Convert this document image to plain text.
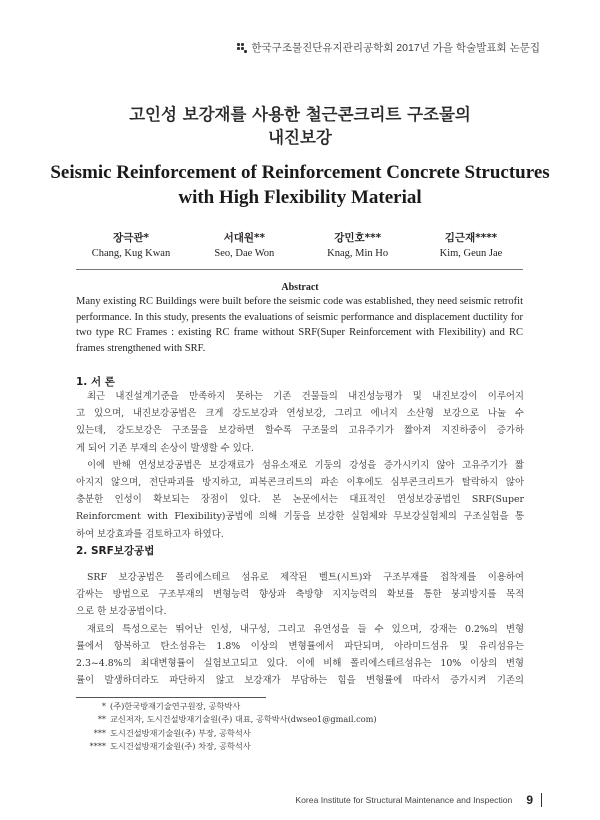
한국구조물진단유지관리공학회 2017년 가을 학술발표회 논문집
고인성 보강재를 사용한 철근콘크리트 구조물의
내진보강
Seismic Reinforcement of Reinforcement Concrete Structures
with High Flexibility Material
장극관*
Chang, Kug Kwan
서대원**
Seo, Dae Won
강민호***
Knag, Min Ho
김근재****
Kim, Geun Jae
Abstract
Many existing RC Buildings were built before the seismic code was established, they need seismic retrofit performance. In this study, presents the evaluations of seismic performance and displacement ductility for two type RC Frames : existing RC frame without SRF(Super Reinforcement with Flexibility) and RC frames strengthened with SRF.
1. 서 론
최근 내진설계기준을 만족하지 못하는 기존 건물들의 내진성능평가 및 내진보강이 이루어지
고 있으며, 내진보강공법은 크게 강도보강과 연성보강, 그리고 에너지 소산형 보강으로 나눌 수
있는데, 강도보강은 구조물을 보강하면 할수록 구조물의 고유주기가 짧아져 지진하중이 증가하
게 되어 기존 부재의 손상이 발생할 수 있다.
이에 반해 연성보강공법은 보강재료가 섬유소재로 기둥의 강성을 증가시키지 않아 고유주기가 짧
아지지 않으며, 전단파괴를 방지하고, 피복콘크리트의 파손 이후에도 심부콘크리트가 탈락하지 않아
충분한 인성이 확보되는 장점이 있다. 본 논문에서는 대표적인 연성보강공법인 SRF(Super
Reinforcment with Flexibility)공법에 의해 기둥을 보강한 실험체와 무보강실험체의 구조실험을 통
하여 보강효과를 검토하고자 하였다.
2. SRF보강공법
SRF 보강공법은 폴리에스테르 섬유로 제작된 벨트(시트)와 구조부재를 접착제를 이용하여
감싸는 방법으로 구조부재의 변형능력 향상과 축방향 지지능력의 확보를 통한 붕괴방지를 목적
으로 한 보강공법이다.
재료의 특성으로는 뛰어난 인성, 내구성, 그리고 유연성을 들 수 있으며, 강재는 0.2%의 변형
률에서 항복하고 탄소섬유는 1.8% 이상의 변형률에서 파단되며, 아라미드섬유 및 유리섬유는
2.3~4.8%의 최대변형률이 실험보고되고 있다. 이에 비해 폴리에스테르섬유는 10% 이상의 변형
률이 발생하더라도 파단하지 않고 보강재가 부담하는 힘을 변형률에 따라서 증가시켜 기존의
* (주)한국방재기술연구원장, 공학박사
** 교신저자, 도시건설방재기술원(주) 대표, 공학박사(dwseo1@gmail.com)
*** 도시건설방재기술원(주) 부장, 공학석사
**** 도시건설방재기술원(주) 차장, 공학석사
Korea Institute for Structural Maintenance and Inspection 9
